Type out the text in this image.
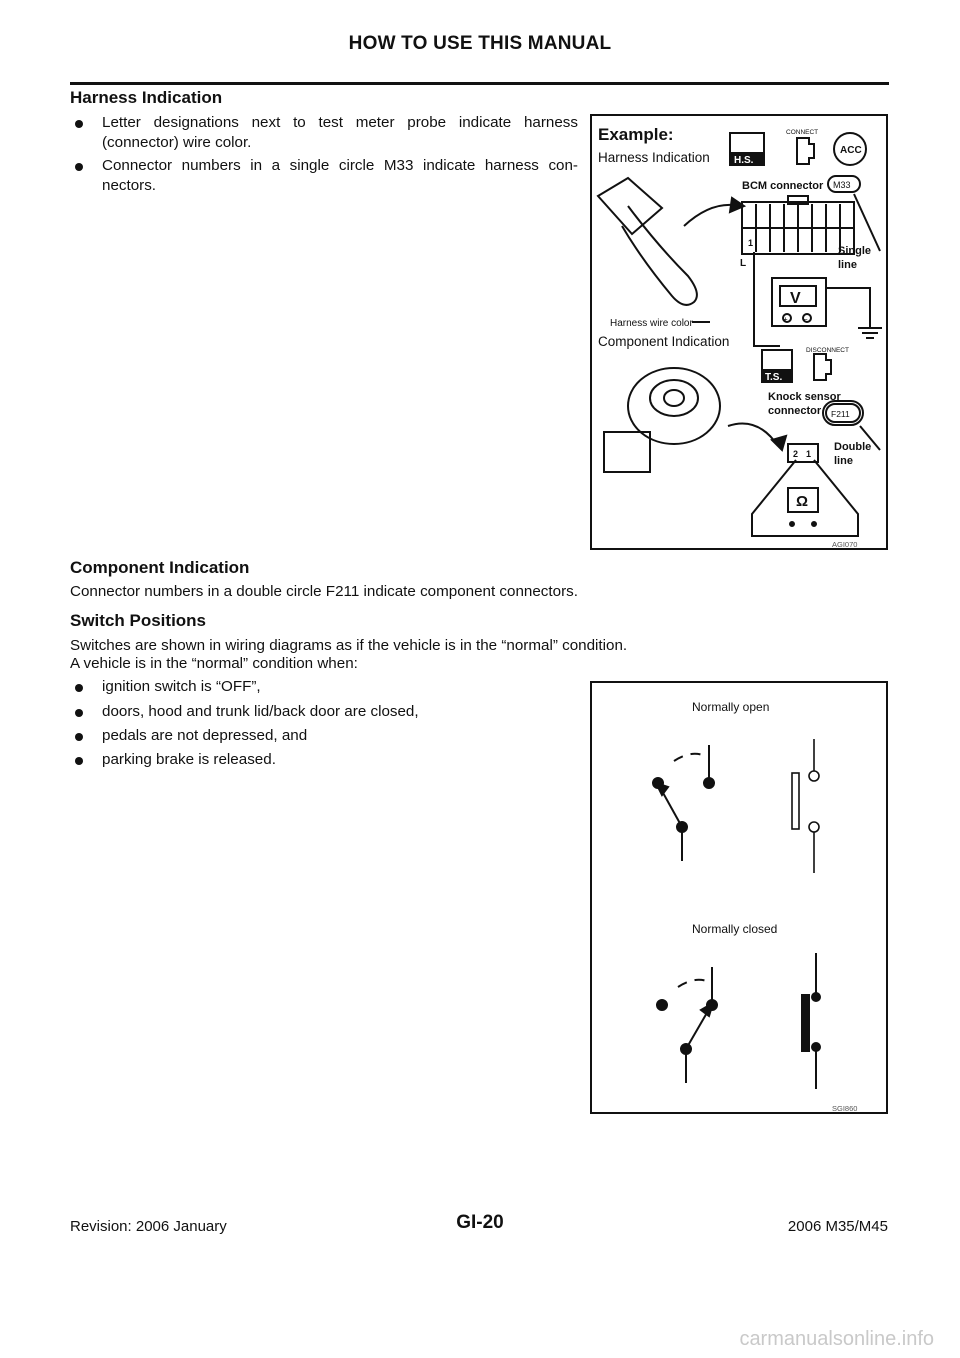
HOW TO USE THIS MANUAL
Harness Indication
Letter designations next to test meter probe indicate harness (connector) wire color.
Connector numbers in a single circle M33 indicate harness con-nectors.
Example:
Harness Indication H.S.
CONNECT
ACC
BCM connector M33
1
Single
line
L
V
+ −
Harness wire color
Component Indication
T.S.
DISCONNECT
Knock sensor
connector F211
2 1
Double
line
Ω
AGI070
Component Indication
Connector numbers in a double circle F211 indicate component connectors.
Switch Positions
Switches are shown in wiring diagrams as if the vehicle is in the “normal” condition.
A vehicle is in the “normal” condition when:
ignition switch is “OFF”,
doors, hood and trunk lid/back door are closed,
pedals are not depressed, and
parking brake is released.
Normally open
Normally closed
SGI860
Revision: 2006 January	GI-20	2006 M35/M45
carmanualsonline.info
